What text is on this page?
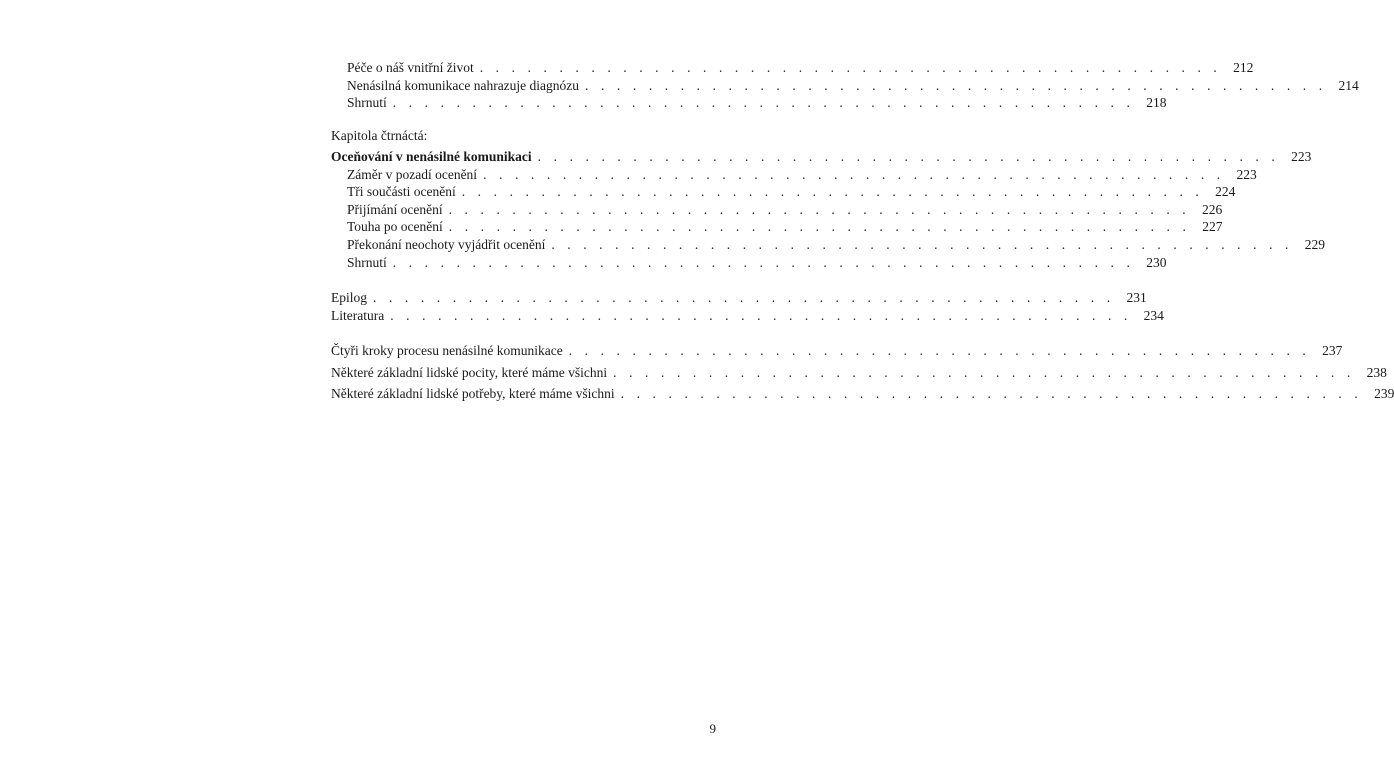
Péče o náš vnitřní život . . . . . . . . . . . . . . . . . . . . . . . . . . . . . . . . . . . . . . . . . . . . . . . 212
Nenásilná komunikace nahrazuje diagnózu . . . . . . . . . . . . . . . . . . . . . . . . . . . . . . . . . . . . . . . . . . . . . . . 214
Shrnutí . . . . . . . . . . . . . . . . . . . . . . . . . . . . . . . . . . . . . . . . . . . . . . . 218
Kapitola čtrnáctá:
Oceňování v nenásilné komunikaci . . . . . . . . . . . . . . . . . . . . . . . . . . . . . . . . . . . . . . . . . . . . . . . 223
Záměr v pozadí ocenění . . . . . . . . . . . . . . . . . . . . . . . . . . . . . . . . . . . . . . . . . . . . . . . 223
Tři součásti ocenění . . . . . . . . . . . . . . . . . . . . . . . . . . . . . . . . . . . . . . . . . . . . . . . 224
Přijímání ocenění . . . . . . . . . . . . . . . . . . . . . . . . . . . . . . . . . . . . . . . . . . . . . . . 226
Touha po ocenění . . . . . . . . . . . . . . . . . . . . . . . . . . . . . . . . . . . . . . . . . . . . . . . 227
Překonání neochoty vyjádřit ocenění . . . . . . . . . . . . . . . . . . . . . . . . . . . . . . . . . . . . . . . . . . . . . . . 229
Shrnutí . . . . . . . . . . . . . . . . . . . . . . . . . . . . . . . . . . . . . . . . . . . . . . . 230
Epilog . . . . . . . . . . . . . . . . . . . . . . . . . . . . . . . . . . . . . . . . . . . . . . . 231
Literatura . . . . . . . . . . . . . . . . . . . . . . . . . . . . . . . . . . . . . . . . . . . . . . . 234
Čtyři kroky procesu nenásilné komunikace . . . . . . . . . . . . . . . . . . . . . . . . . . . . . . . . . . . . . . . . . . . . . . . 237
Některé základní lidské pocity, které máme všichni . . . . . . . . . . . . . . . . . . . . . . . . . . . . . . . . . . . . . . . . . . . . . . . 238
Některé základní lidské potřeby, které máme všichni . . . . . . . . . . . . . . . . . . . . . . . . . . . . . . . . . . . . . . . . . . . . . . . 239
9
